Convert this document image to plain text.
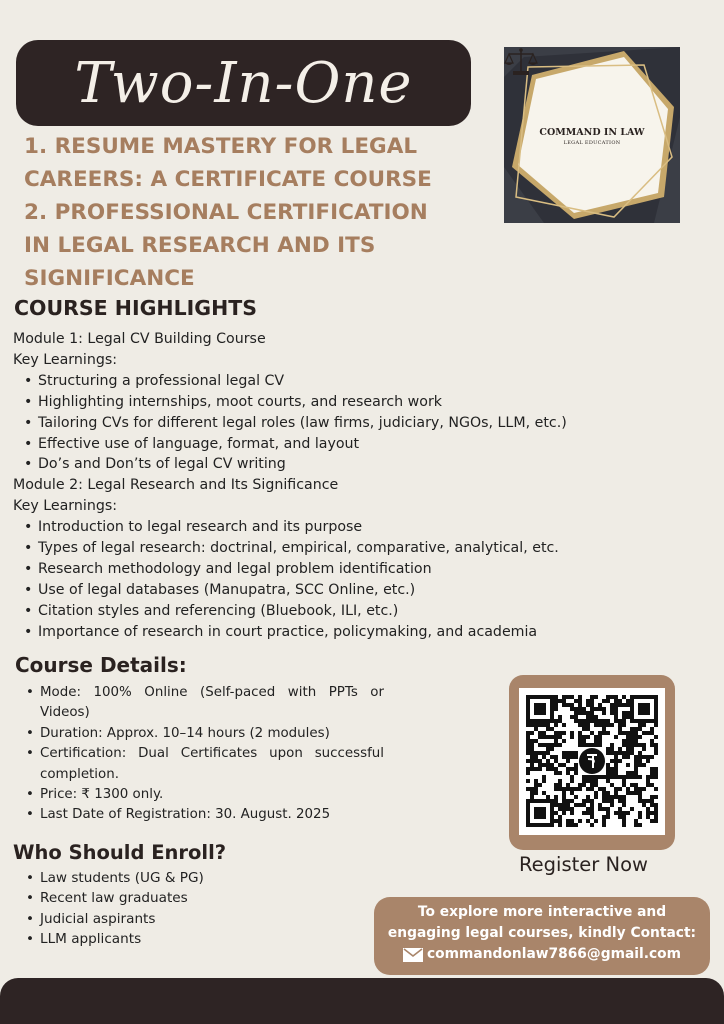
Two-In-One
1. RESUME MASTERY FOR LEGAL
CAREERS: A CERTIFICATE COURSE
2. PROFESSIONAL CERTIFICATION
IN LEGAL RESEARCH AND ITS
SIGNIFICANCE
COMMAND IN LAW
LEGAL EDUCATION
COURSE HIGHLIGHTS
Module 1: Legal CV Building Course
Key Learnings:
• Structuring a professional legal CV
• Highlighting internships, moot courts, and research work
• Tailoring CVs for different legal roles (law firms, judiciary, NGOs, LLM, etc.)
• Effective use of language, format, and layout
• Do’s and Don’ts of legal CV writing
Module 2: Legal Research and Its Significance
Key Learnings:
• Introduction to legal research and its purpose
• Types of legal research: doctrinal, empirical, comparative, analytical, etc.
• Research methodology and legal problem identification
• Use of legal databases (Manupatra, SCC Online, etc.)
• Citation styles and referencing (Bluebook, ILI, etc.)
• Importance of research in court practice, policymaking, and academia
Course Details:
• Mode: 100% Online (Self-paced with PPTs or Videos)
• Duration: Approx. 10–14 hours (2 modules)
• Certification: Dual Certificates upon successful completion.
• Price: ₹ 1300 only.
• Last Date of Registration: 30. August. 2025
Who Should Enroll?
• Law students (UG & PG)
• Recent law graduates
• Judicial aspirants
• LLM applicants
Register Now
To explore more interactive and
engaging legal courses, kindly Contact:
commandonlaw7866@gmail.com
